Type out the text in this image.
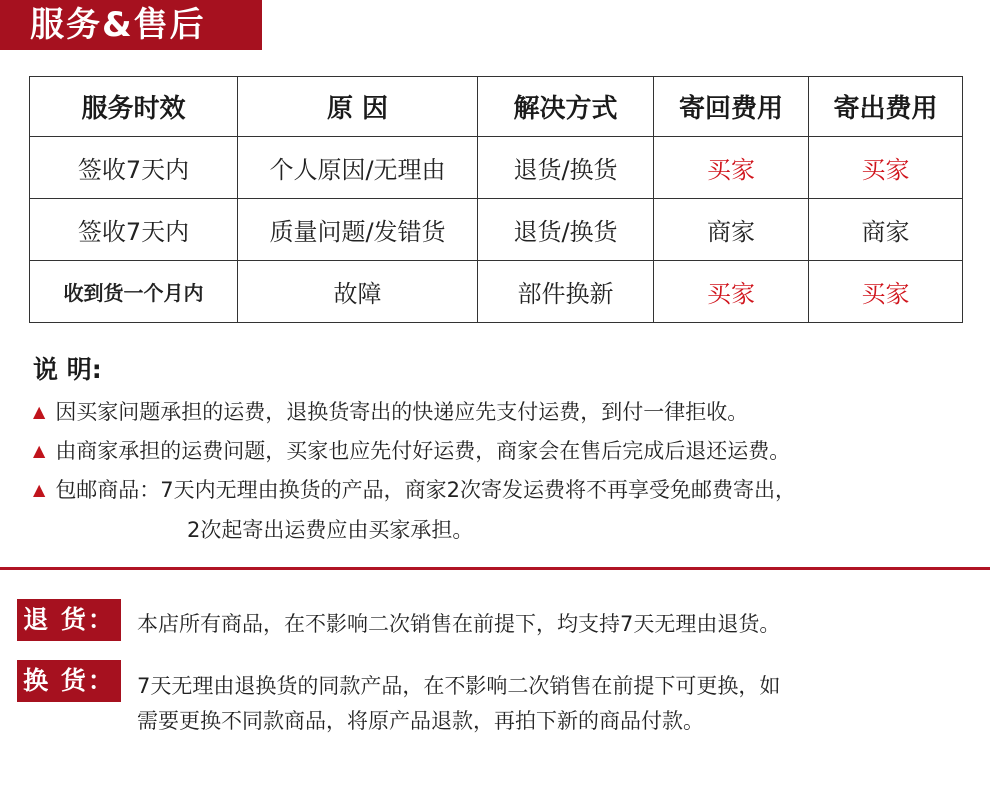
服务&售后
服务时效	原 因	解决方式	寄回费用	寄出费用
签收7天内	个人原因/无理由	退货/换货	买家	买家
签收7天内	质量问题/发错货	退货/换货	商家	商家
收到货一个月内	故障	部件换新	买家	买家
说 明:
▲ 因买家问题承担的运费，退换货寄出的快递应先支付运费，到付一律拒收。
▲ 由商家承担的运费问题，买家也应先付好运费，商家会在售后完成后退还运费。
▲ 包邮商品：7天内无理由换货的产品，商家2次寄发运费将不再享受免邮费寄出，
2次起寄出运费应由买家承担。
退 货： 本店所有商品，在不影响二次销售在前提下，均支持7天无理由退货。
换 货： 7天无理由退换货的同款产品，在不影响二次销售在前提下可更换，如
需要更换不同款商品，将原产品退款，再拍下新的商品付款。
